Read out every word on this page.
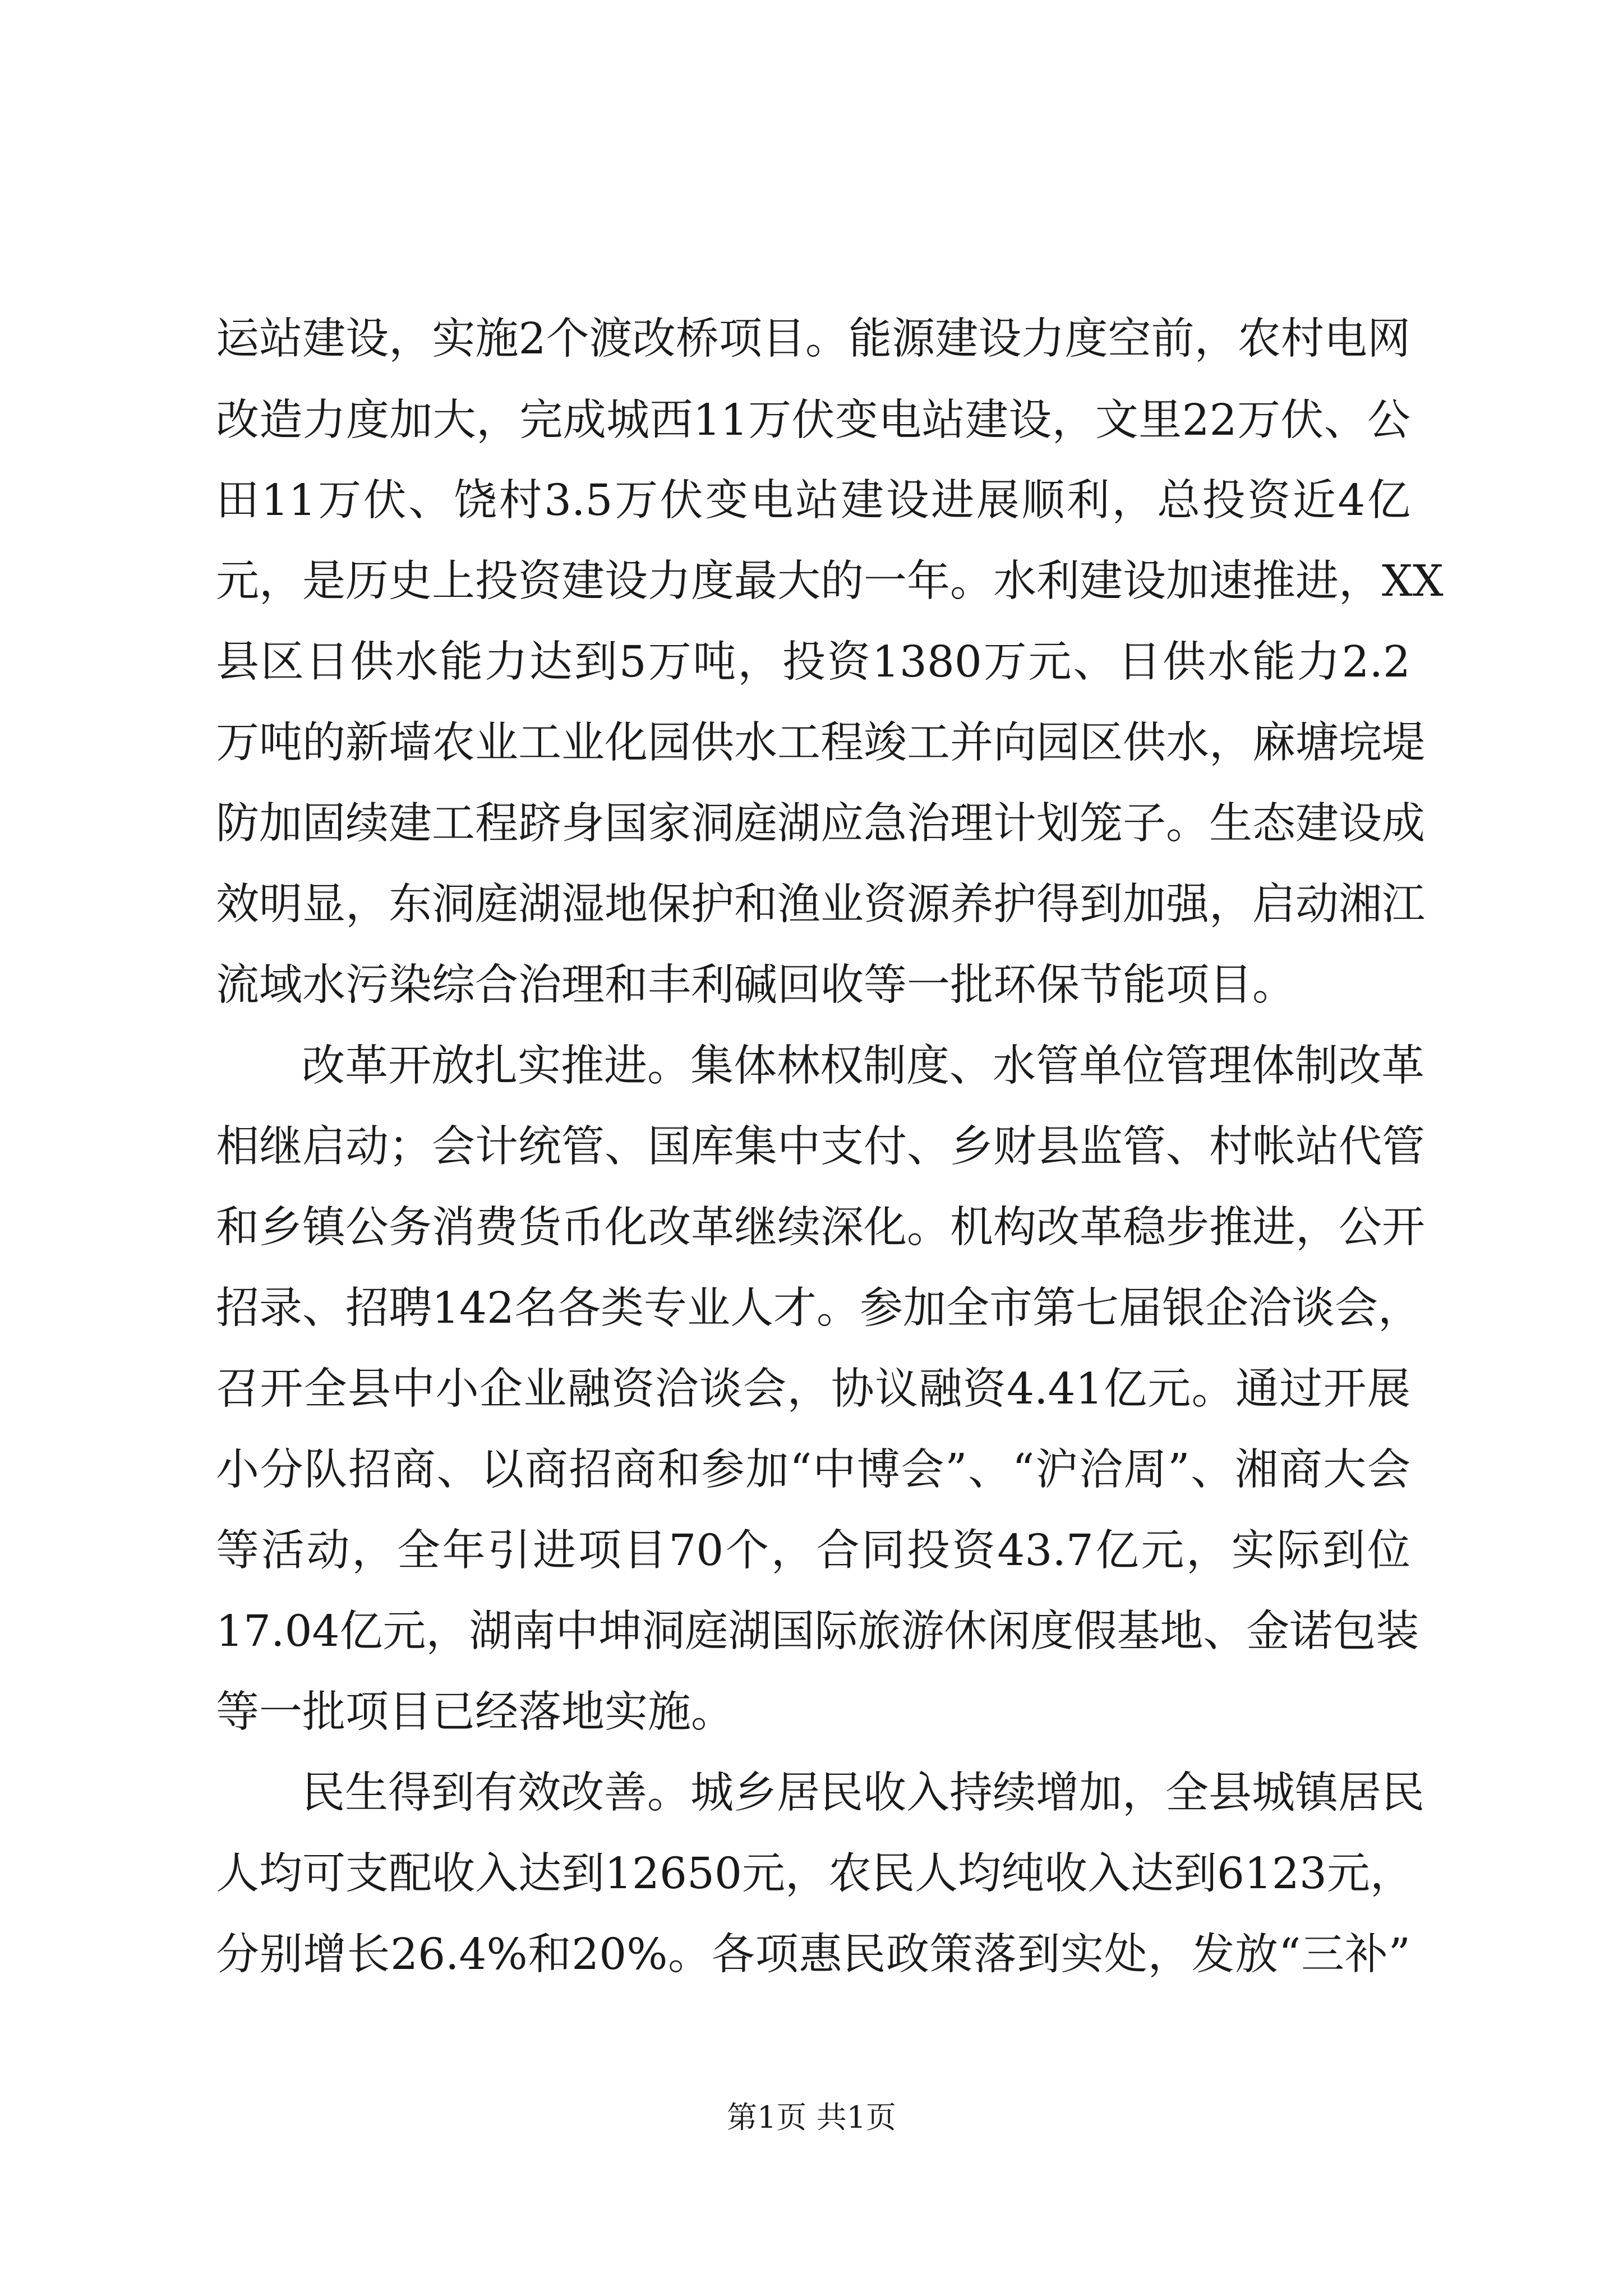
运站建设，实施2个渡改桥项目。能源建设力度空前，农村电网
改造力度加大，完成城西11万伏变电站建设，文里22万伏、公
田11万伏、饶村3.5万伏变电站建设进展顺利，总投资近4亿
元，是历史上投资建设力度最大的一年。水利建设加速推进，XX
县区日供水能力达到5万吨，投资1380万元、日供水能力2.2
万吨的新墙农业工业化园供水工程竣工并向园区供水，麻塘垸堤
防加固续建工程跻身国家洞庭湖应急治理计划笼子。生态建设成
效明显，东洞庭湖湿地保护和渔业资源养护得到加强，启动湘江
流域水污染综合治理和丰利碱回收等一批环保节能项目。
改革开放扎实推进。集体林权制度、水管单位管理体制改革
相继启动；会计统管、国库集中支付、乡财县监管、村帐站代管
和乡镇公务消费货币化改革继续深化。机构改革稳步推进，公开
招录、招聘142名各类专业人才。参加全市第七届银企洽谈会，
召开全县中小企业融资洽谈会，协议融资4.41亿元。通过开展
小分队招商、以商招商和参加“中博会”、“沪洽周”、湘商大会
等活动，全年引进项目70个，合同投资43.7亿元，实际到位
17.04亿元，湖南中坤洞庭湖国际旅游休闲度假基地、金诺包装
等一批项目已经落地实施。
民生得到有效改善。城乡居民收入持续增加，全县城镇居民
人均可支配收入达到12650元，农民人均纯收入达到6123元，
分别增长26.4%和20%。各项惠民政策落到实处，发放“三补”
第1页 共1页
